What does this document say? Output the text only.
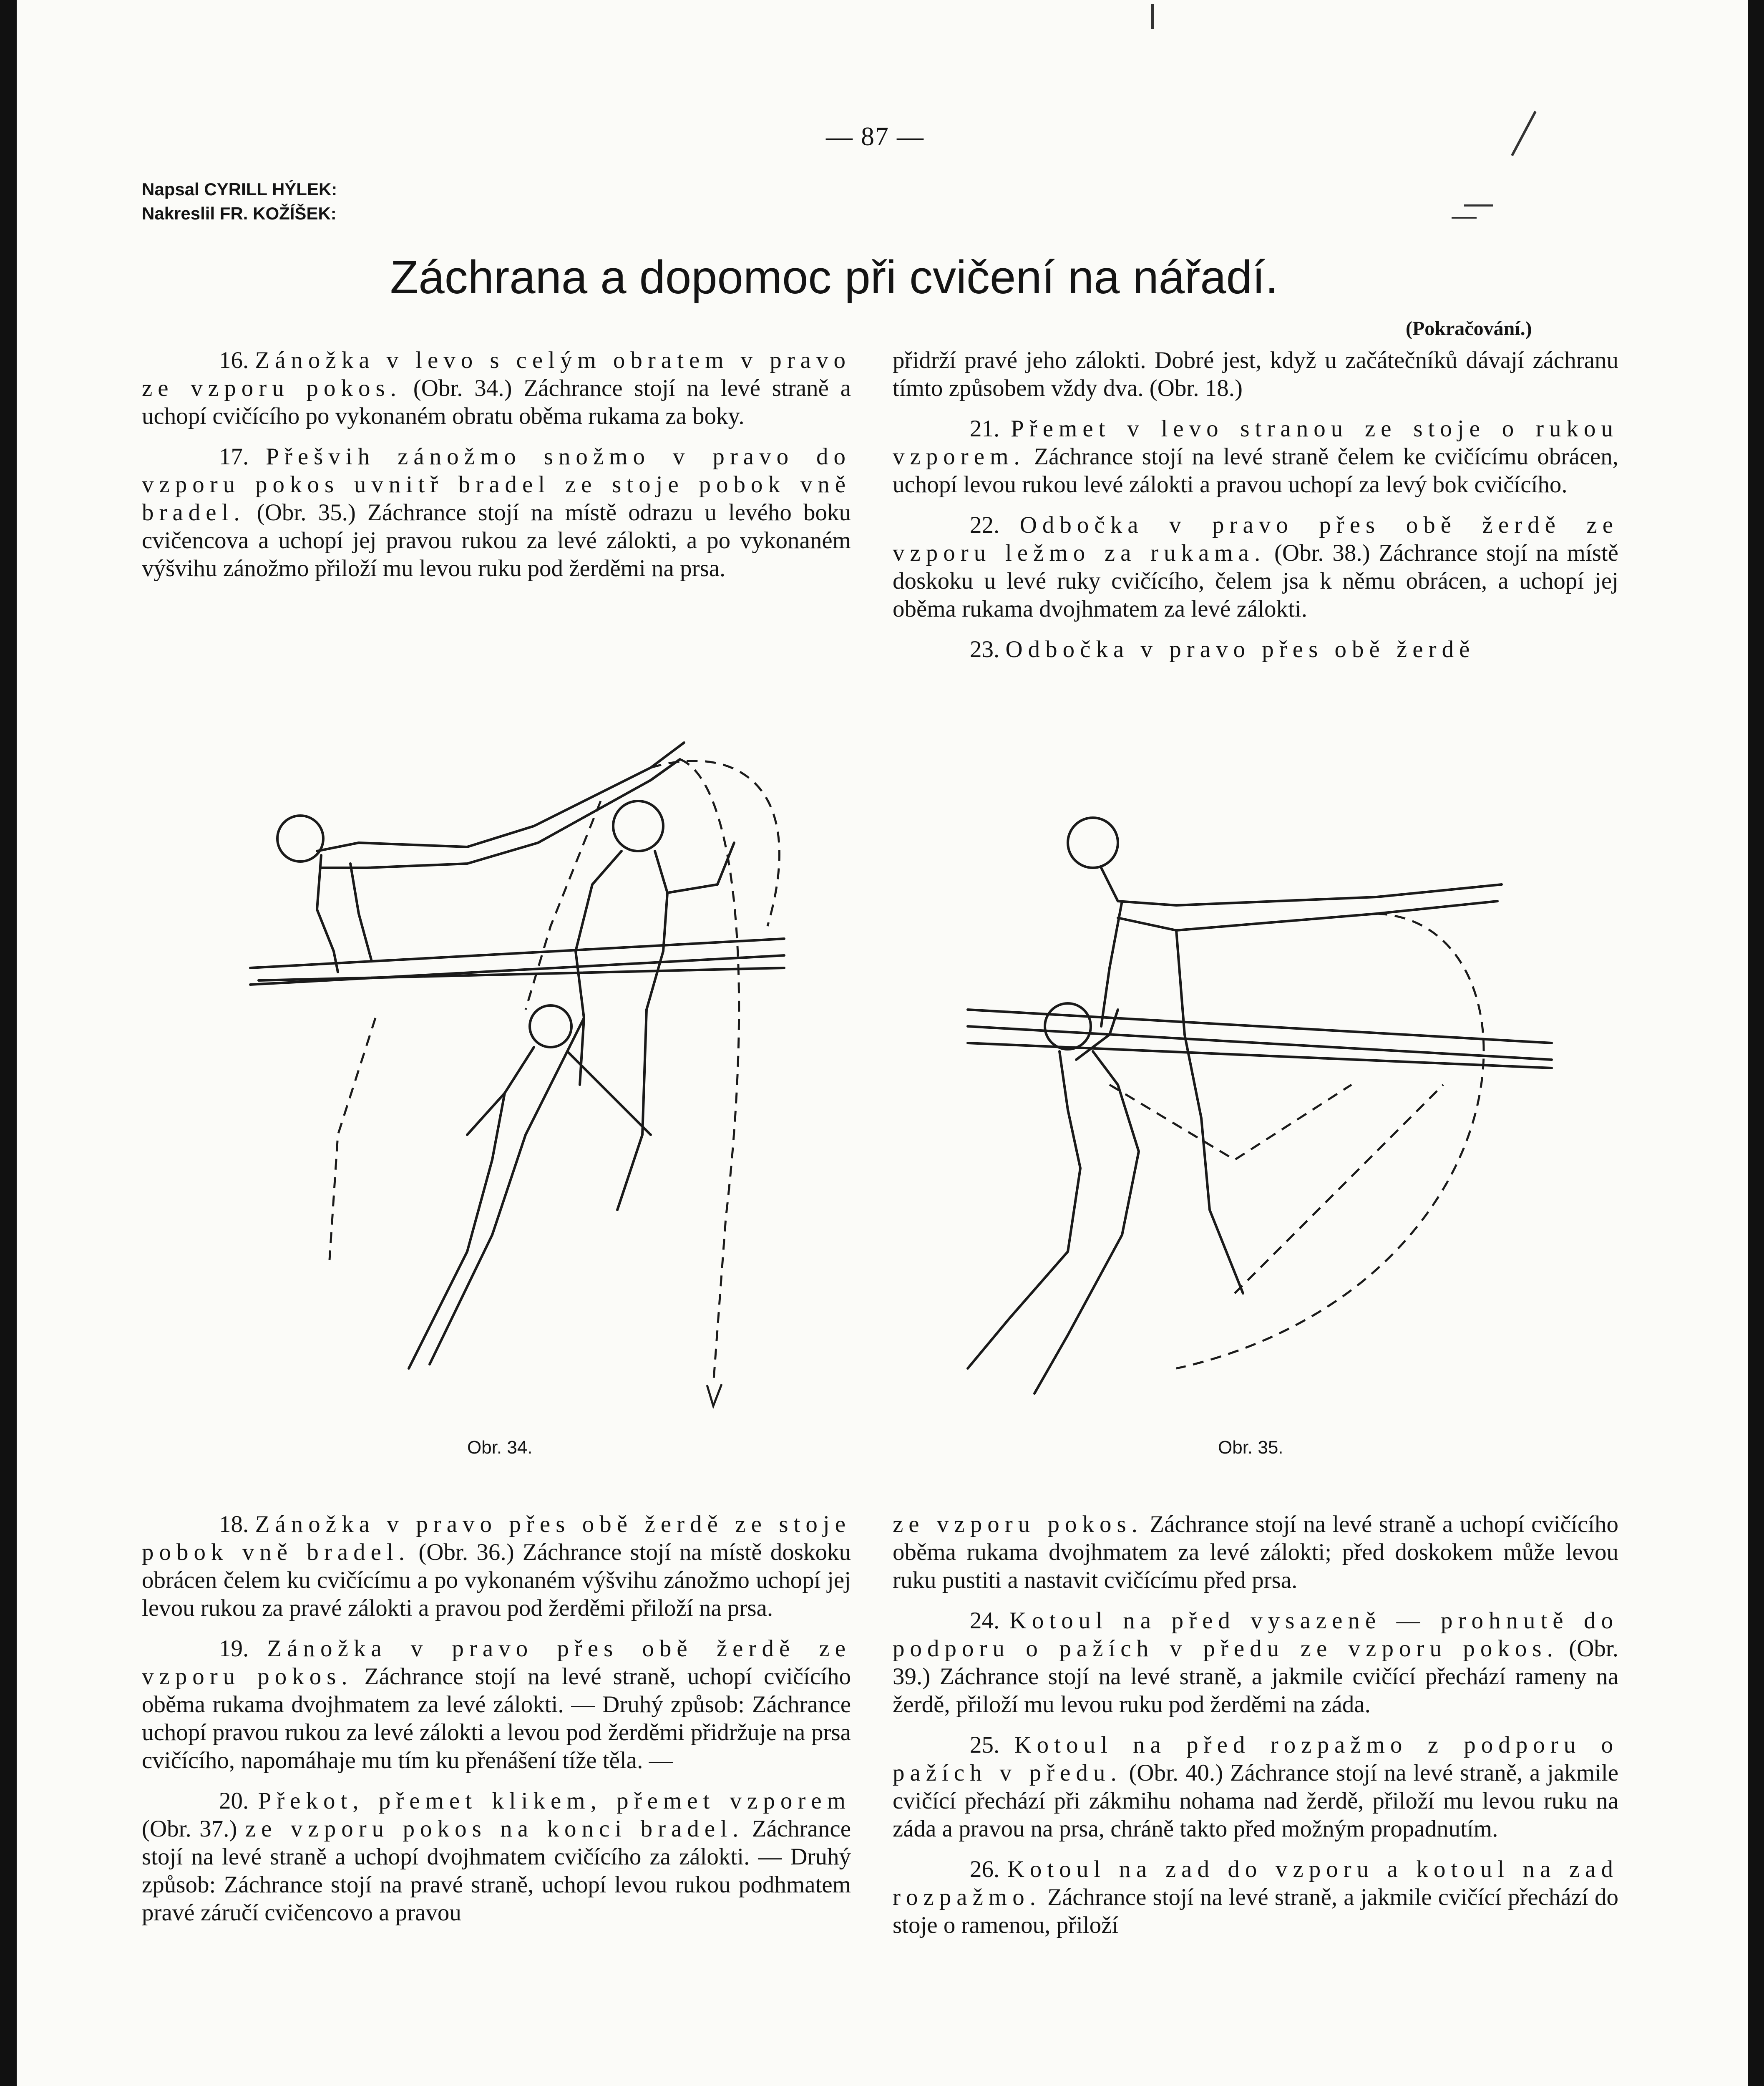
— 87 —
Napsal CYRILL HÝLEK:
Nakreslil FR. KOŽÍŠEK:
Záchrana a dopomoc při cvičení na nářadí.
(Pokračování.)

16. Zánožka v levo s celým obratem v pravo ze vzporu pokos. (Obr. 34.) Záchrance stojí na levé straně a uchopí cvičícího po vykonaném obratu oběma rukama za boky.

17. Přešvih zánožmo snožmo v pravo do vzporu pokos uvnitř bradel ze stoje pobok vně bradel. (Obr. 35.) Záchrance stojí na místě odrazu u levého boku cvičencova a uchopí jej pravou rukou za levé zálokti, a po vykonaném výšvihu zánožmo přiloží mu levou ruku pod žerděmi na prsa.

přidrží pravé jeho zálokti. Dobré jest, když u začátečníků dávají záchranu tímto způsobem vždy dva. (Obr. 18.)

21. Přemet v levo stranou ze stoje o rukou vzporem. Záchrance stojí na levé straně čelem ke cvičícímu obrácen, uchopí levou rukou levé zálokti a pravou uchopí za levý bok cvičícího.

22. Odbočka v pravo přes obě žerdě ze vzporu ležmo za rukama. (Obr. 38.) Záchrance stojí na místě doskoku u levé ruky cvičícího, čelem jsa k němu obrácen, a uchopí jej oběma rukama dvojhmatem za levé zálokti.

23. Odbočka v pravo přes obě žerdě

Obr. 34.	Obr. 35.

18. Zánožka v pravo přes obě žerdě ze stoje pobok vně bradel. (Obr. 36.) Záchrance stojí na místě doskoku obrácen čelem ku cvičícímu a po vykonaném výšvihu zánožmo uchopí jej levou rukou za pravé zálokti a pravou pod žerděmi přiloží na prsa.

19. Zánožka v pravo přes obě žerdě ze vzporu pokos. Záchrance stojí na levé straně, uchopí cvičícího oběma rukama dvojhmatem za levé zálokti. — Druhý způsob: Záchrance uchopí pravou rukou za levé zálokti a levou pod žerděmi přidržuje na prsa cvičícího, napomáhaje mu tím ku přenášení tíže těla. —

20. Překot, přemet klikem, přemet vzporem (Obr. 37.) ze vzporu pokos na konci bradel. Záchrance stojí na levé straně a uchopí dvojhmatem cvičícího za zálokti. — Druhý způsob: Záchrance stojí na pravé straně, uchopí levou rukou podhmatem pravé záručí cvičencovo a pravou

ze vzporu pokos. Záchrance stojí na levé straně a uchopí cvičícího oběma rukama dvojhmatem za levé zálokti; před doskokem může levou ruku pustiti a nastavit cvičícímu před prsa.

24. Kotoul na před vysazeně — prohnutě do podporu o pažích v předu ze vzporu pokos. (Obr. 39.) Záchrance stojí na levé straně, a jakmile cvičící přechází rameny na žerdě, přiloží mu levou ruku pod žerděmi na záda.

25. Kotoul na před rozpažmo z podporu o pažích v předu. (Obr. 40.) Záchrance stojí na levé straně, a jakmile cvičící přechází při zákmihu nohama nad žerdě, přiloží mu levou ruku na záda a pravou na prsa, chráně takto před možným propadnutím.

26. Kotoul na zad do vzporu a kotoul na zad rozpažmo. Záchrance stojí na levé straně, a jakmile cvičící přechází do stoje o ramenou, přiloží
